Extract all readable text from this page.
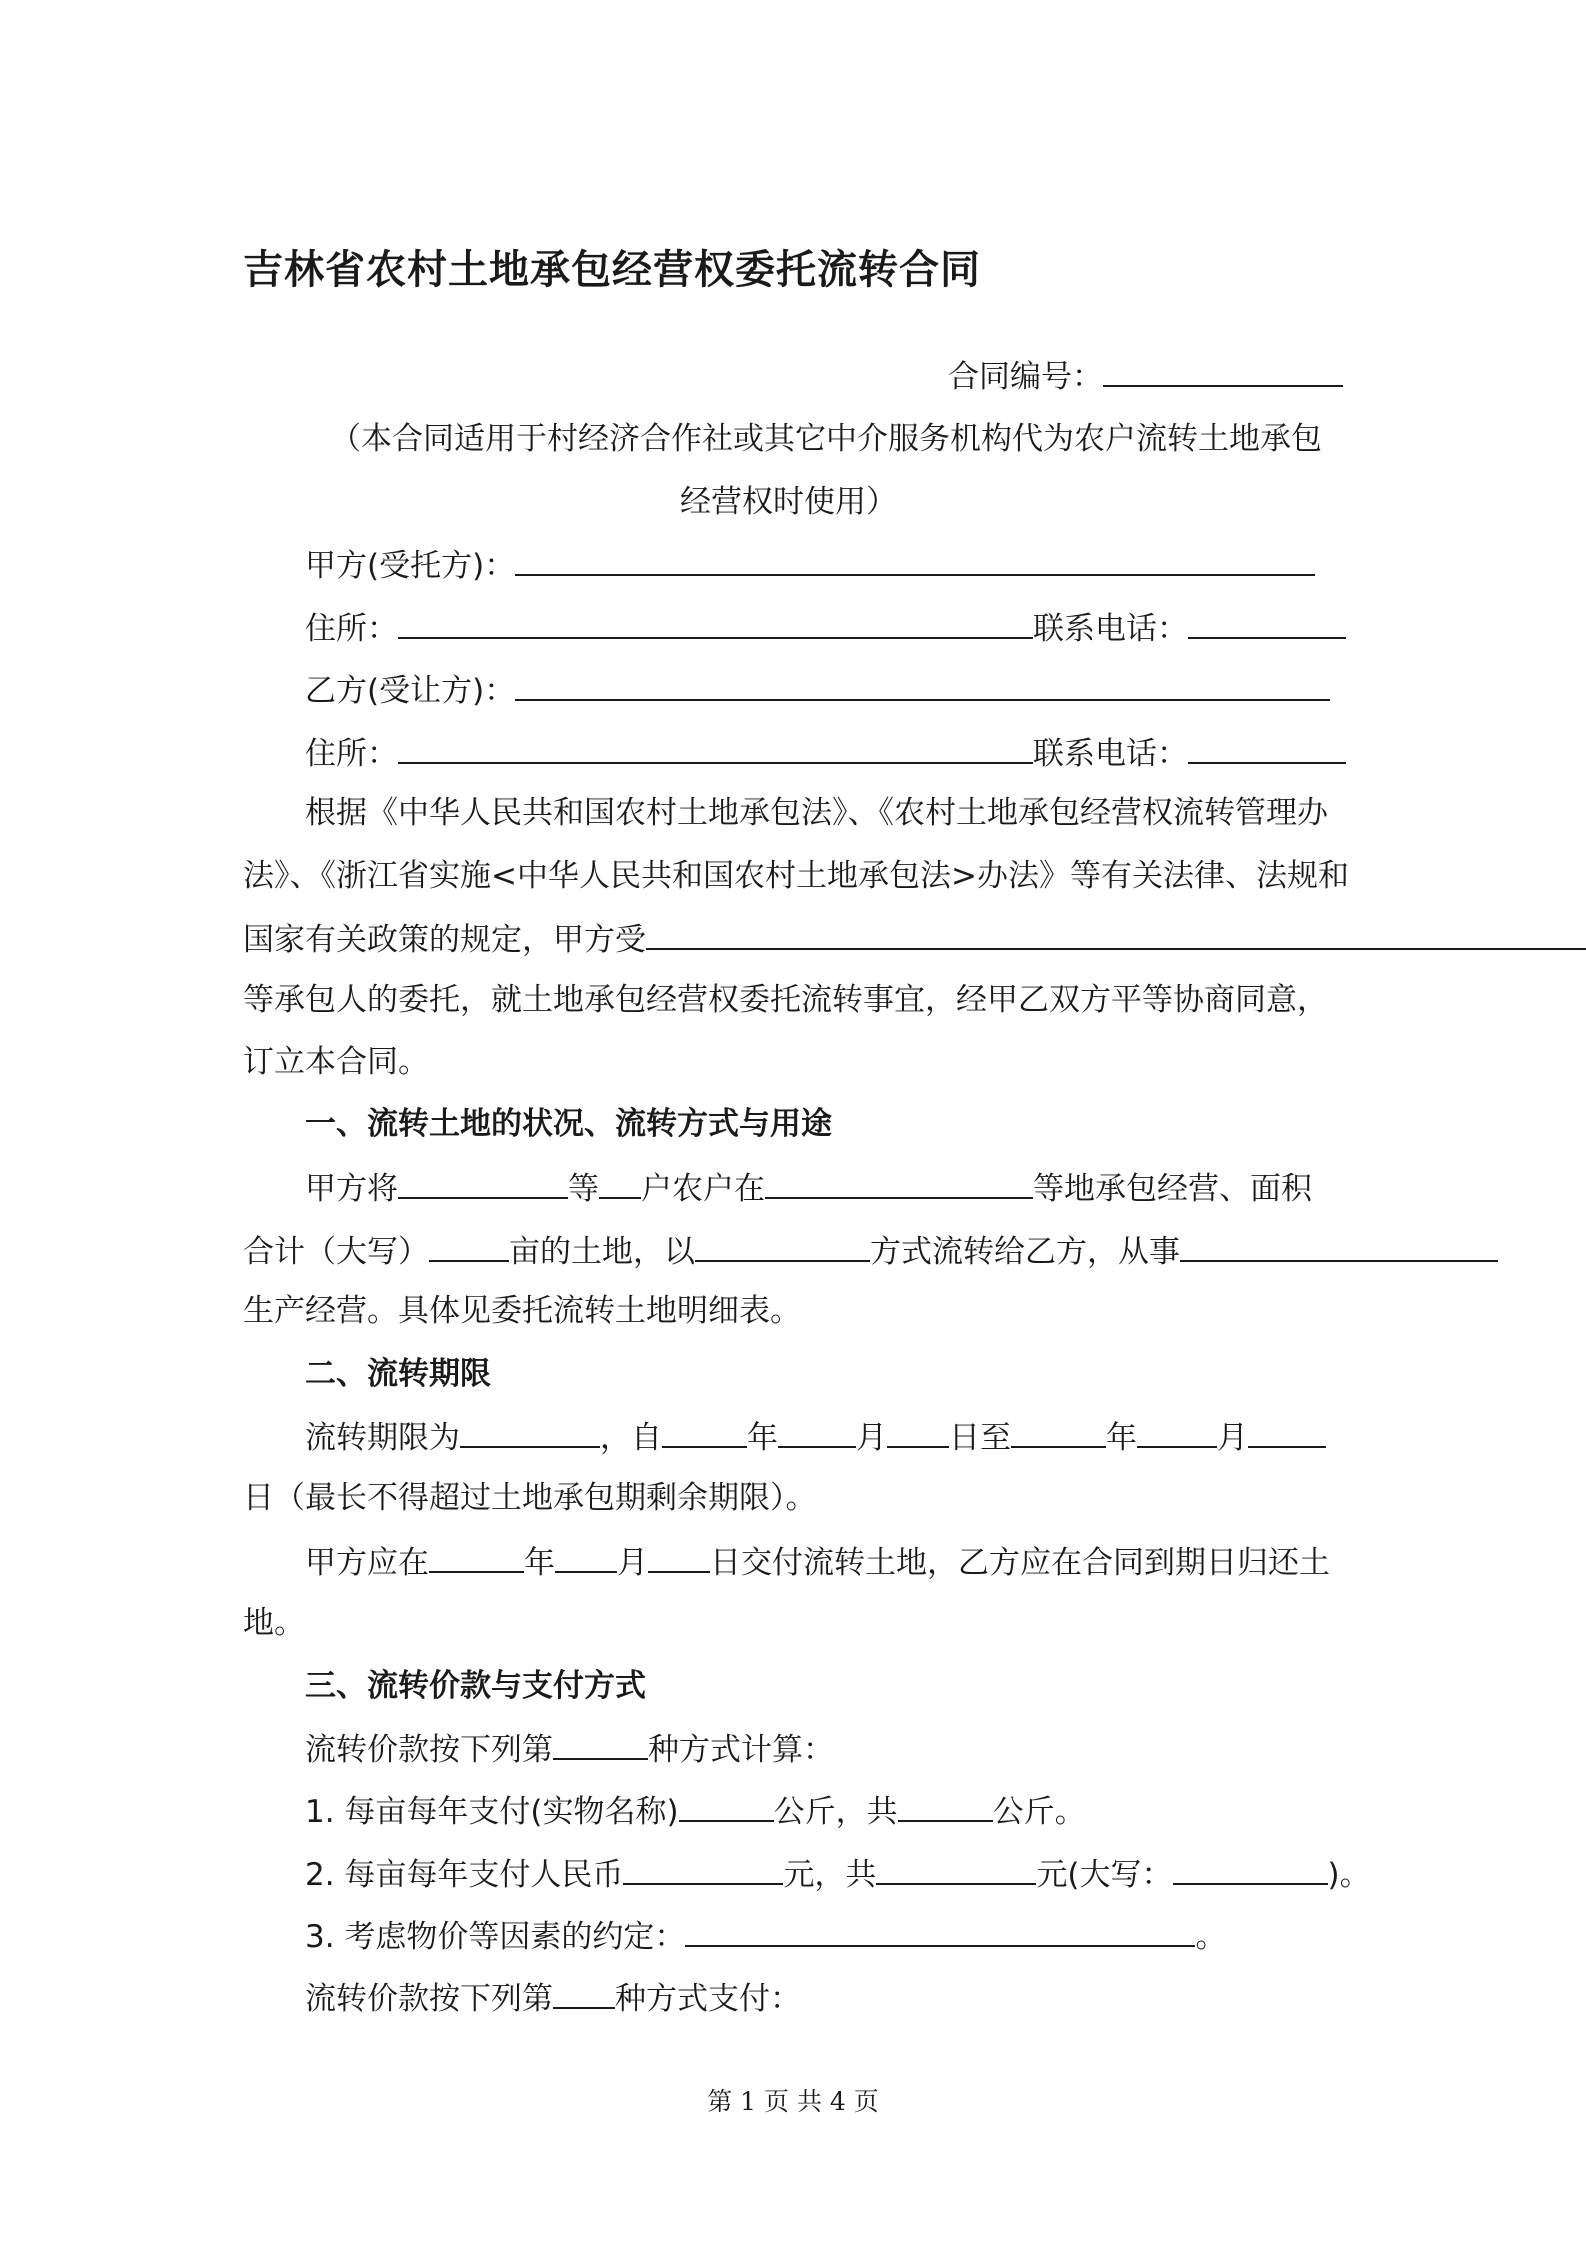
吉林省农村土地承包经营权委托流转合同
合同编号：
（本合同适用于村经济合作社或其它中介服务机构代为农户流转土地承包
经营权时使用）
甲方(受托方)：
住所：	联系电话：
乙方(受让方)：
住所：	联系电话：
根据《中华人民共和国农村土地承包法》、《农村土地承包经营权流转管理办
法》、《浙江省实施<中华人民共和国农村土地承包法>办法》等有关法律、法规和
国家有关政策的规定，甲方受
等承包人的委托，就土地承包经营权委托流转事宜，经甲乙双方平等协商同意，
订立本合同。
一、流转土地的状况、流转方式与用途
甲方将	等 户农户在	等地承包经营、面积
合计（大写）	亩的土地，以	方式流转给乙方，从事
生产经营。具体见委托流转土地明细表。
二、流转期限
流转期限为	，自	年	月 日至	年	月
日（最长不得超过土地承包期剩余期限）。
甲方应在	年 月 日交付流转土地，乙方应在合同到期日归还土
地。
三、流转价款与支付方式
流转价款按下列第	种方式计算：
1. 每亩每年支付(实物名称)	公斤，共	公斤。
2. 每亩每年支付人民币	元，共	元(大写：	)。
3. 考虑物价等因素的约定：	。
流转价款按下列第 种方式支付：
第 1 页 共 4 页
